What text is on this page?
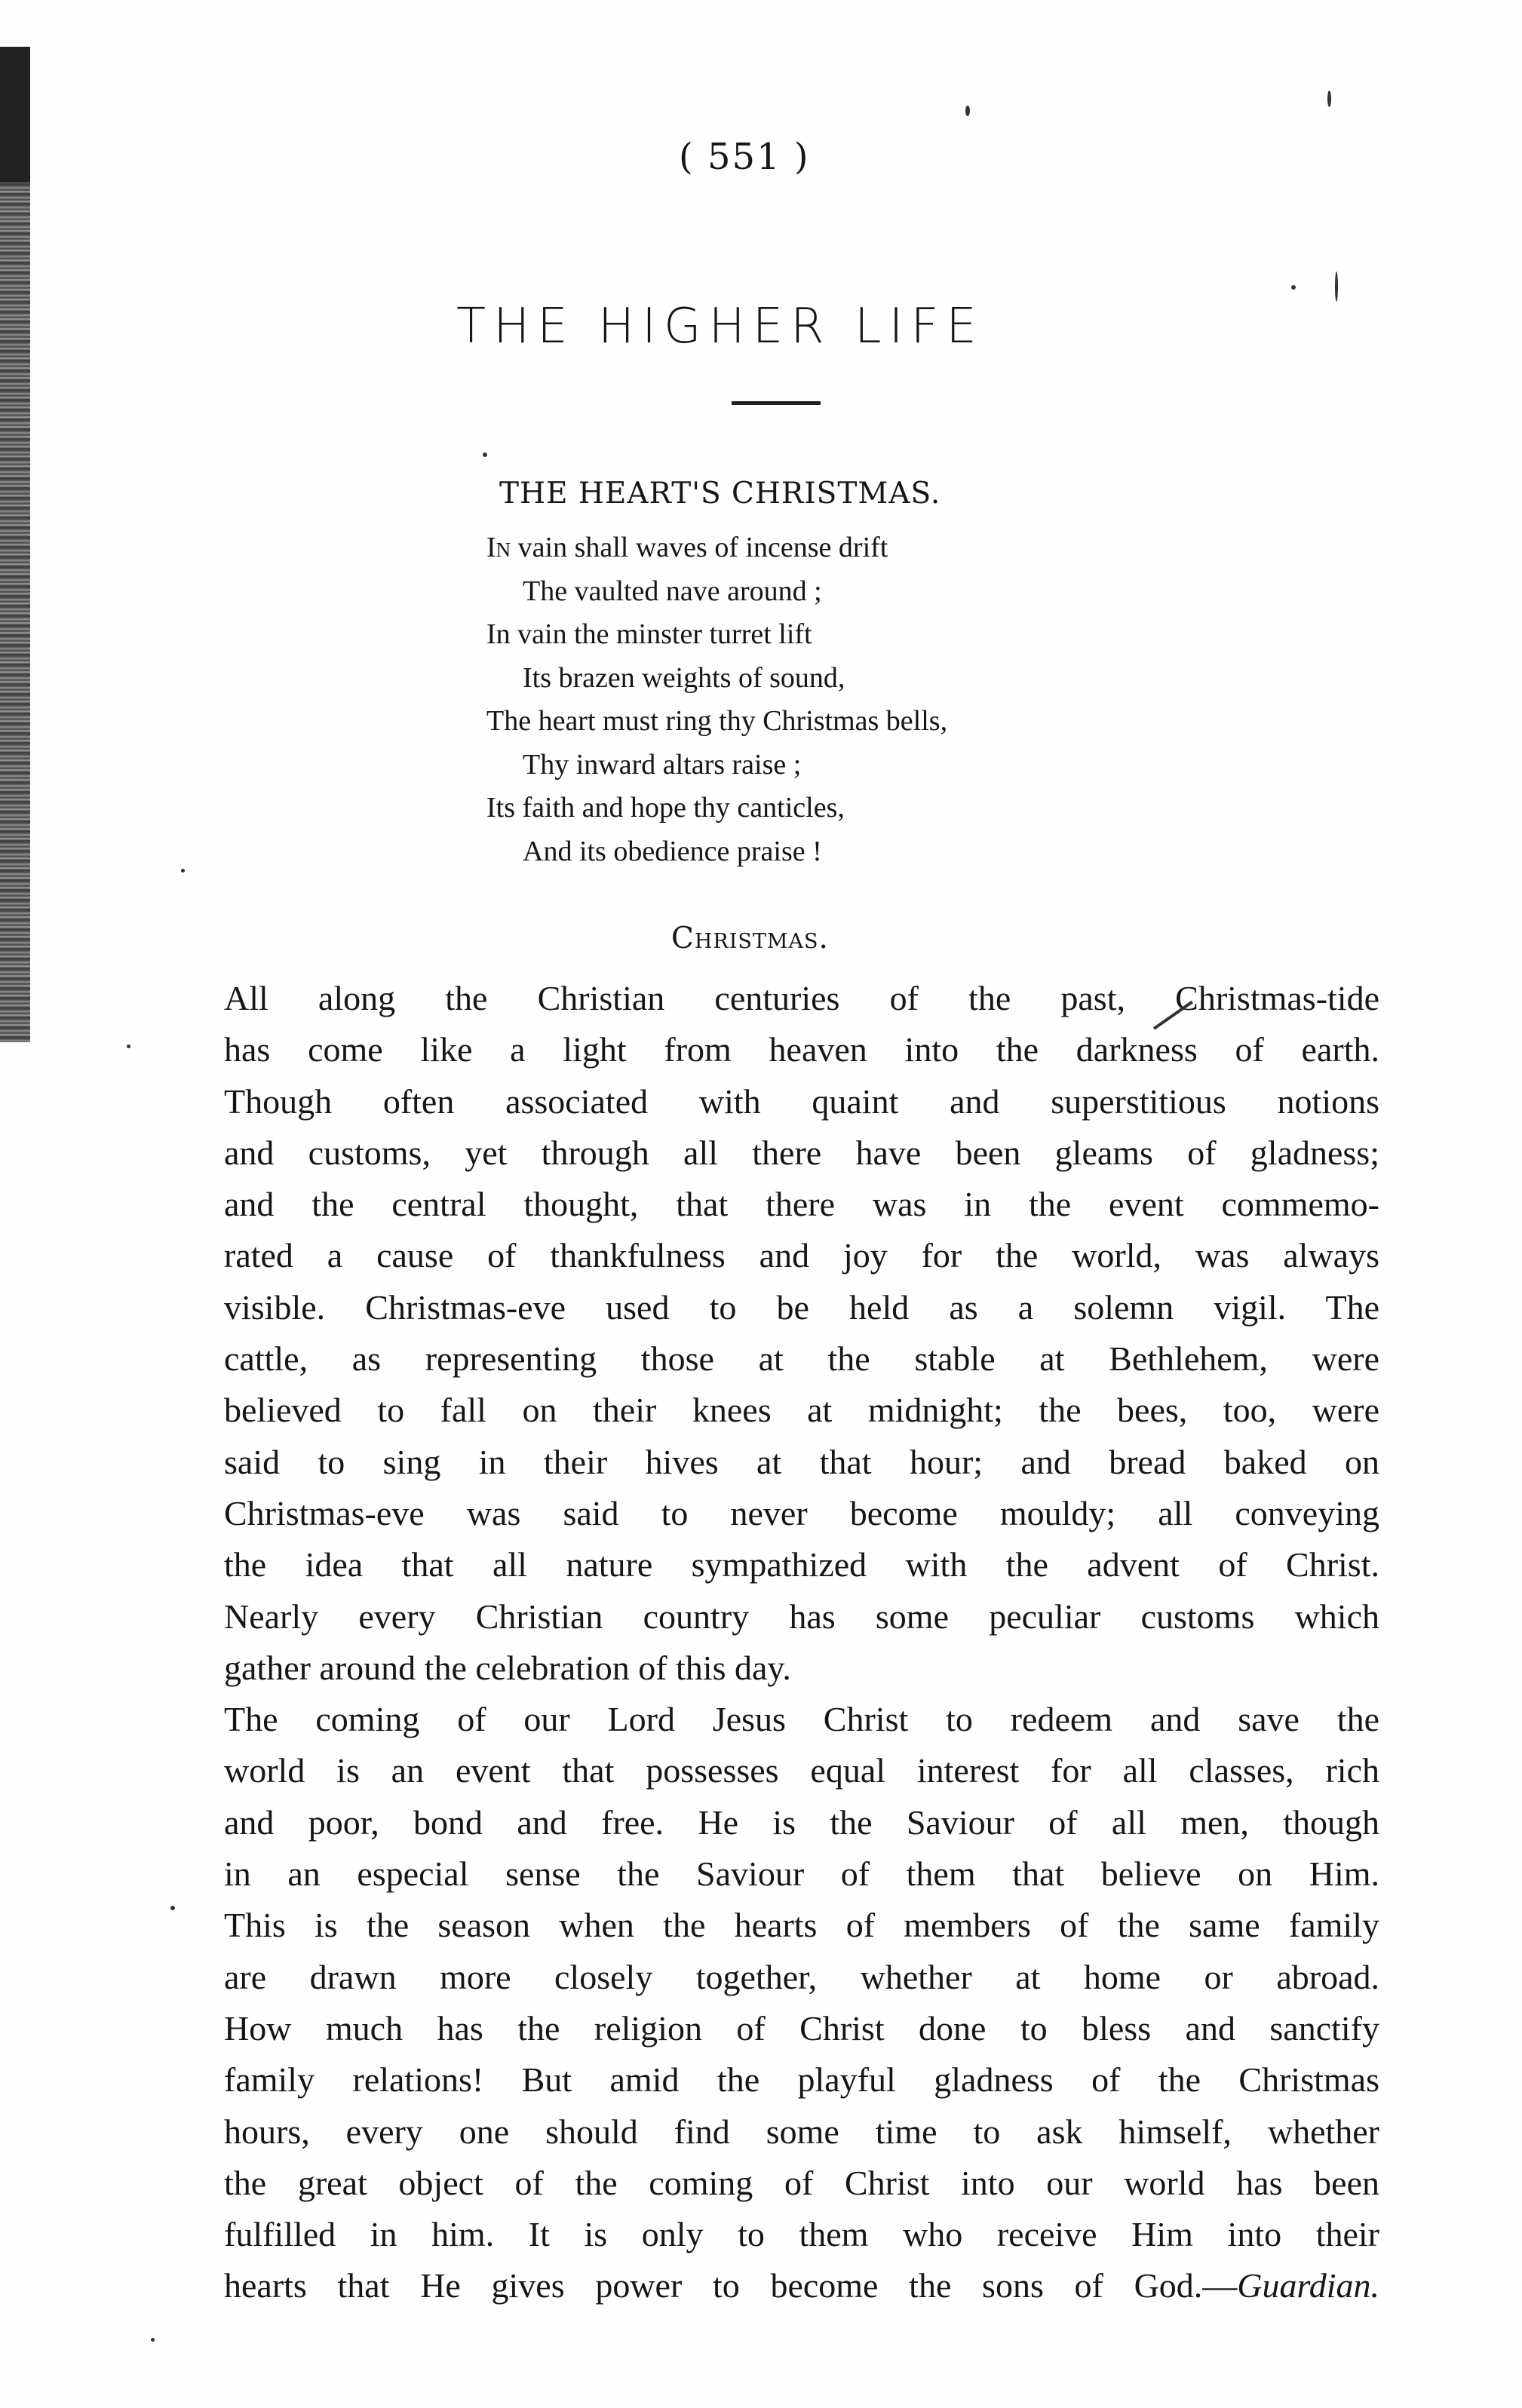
( 551 )
THE HIGHER LIFE
THE HEART'S CHRISTMAS.
In vain shall waves of incense drift
The vaulted nave around ;
In vain the minster turret lift
Its brazen weights of sound,
The heart must ring thy Christmas bells,
Thy inward altars raise ;
Its faith and hope thy canticles,
And its obedience praise !
Christmas.

All along the Christian centuries of the past, Christmas-tide
has come like a light from heaven into the darkness of earth.
Though often associated with quaint and superstitious notions
and customs, yet through all there have been gleams of gladness;
and the central thought, that there was in the event commemo-
rated a cause of thankfulness and joy for the world, was always
visible. Christmas-eve used to be held as a solemn vigil. The
cattle, as representing those at the stable at Bethlehem, were
believed to fall on their knees at midnight; the bees, too, were
said to sing in their hives at that hour; and bread baked on
Christmas-eve was said to never become mouldy; all conveying
the idea that all nature sympathized with the advent of Christ.
Nearly every Christian country has some peculiar customs which
gather around the celebration of this day.

The coming of our Lord Jesus Christ to redeem and save the
world is an event that possesses equal interest for all classes, rich
and poor, bond and free. He is the Saviour of all men, though
in an especial sense the Saviour of them that believe on Him.
This is the season when the hearts of members of the same family
are drawn more closely together, whether at home or abroad.
How much has the religion of Christ done to bless and sanctify
family relations! But amid the playful gladness of the Christmas
hours, every one should find some time to ask himself, whether
the great object of the coming of Christ into our world has been
fulfilled in him. It is only to them who receive Him into their
hearts that He gives power to become the sons of God.—Guardian.
